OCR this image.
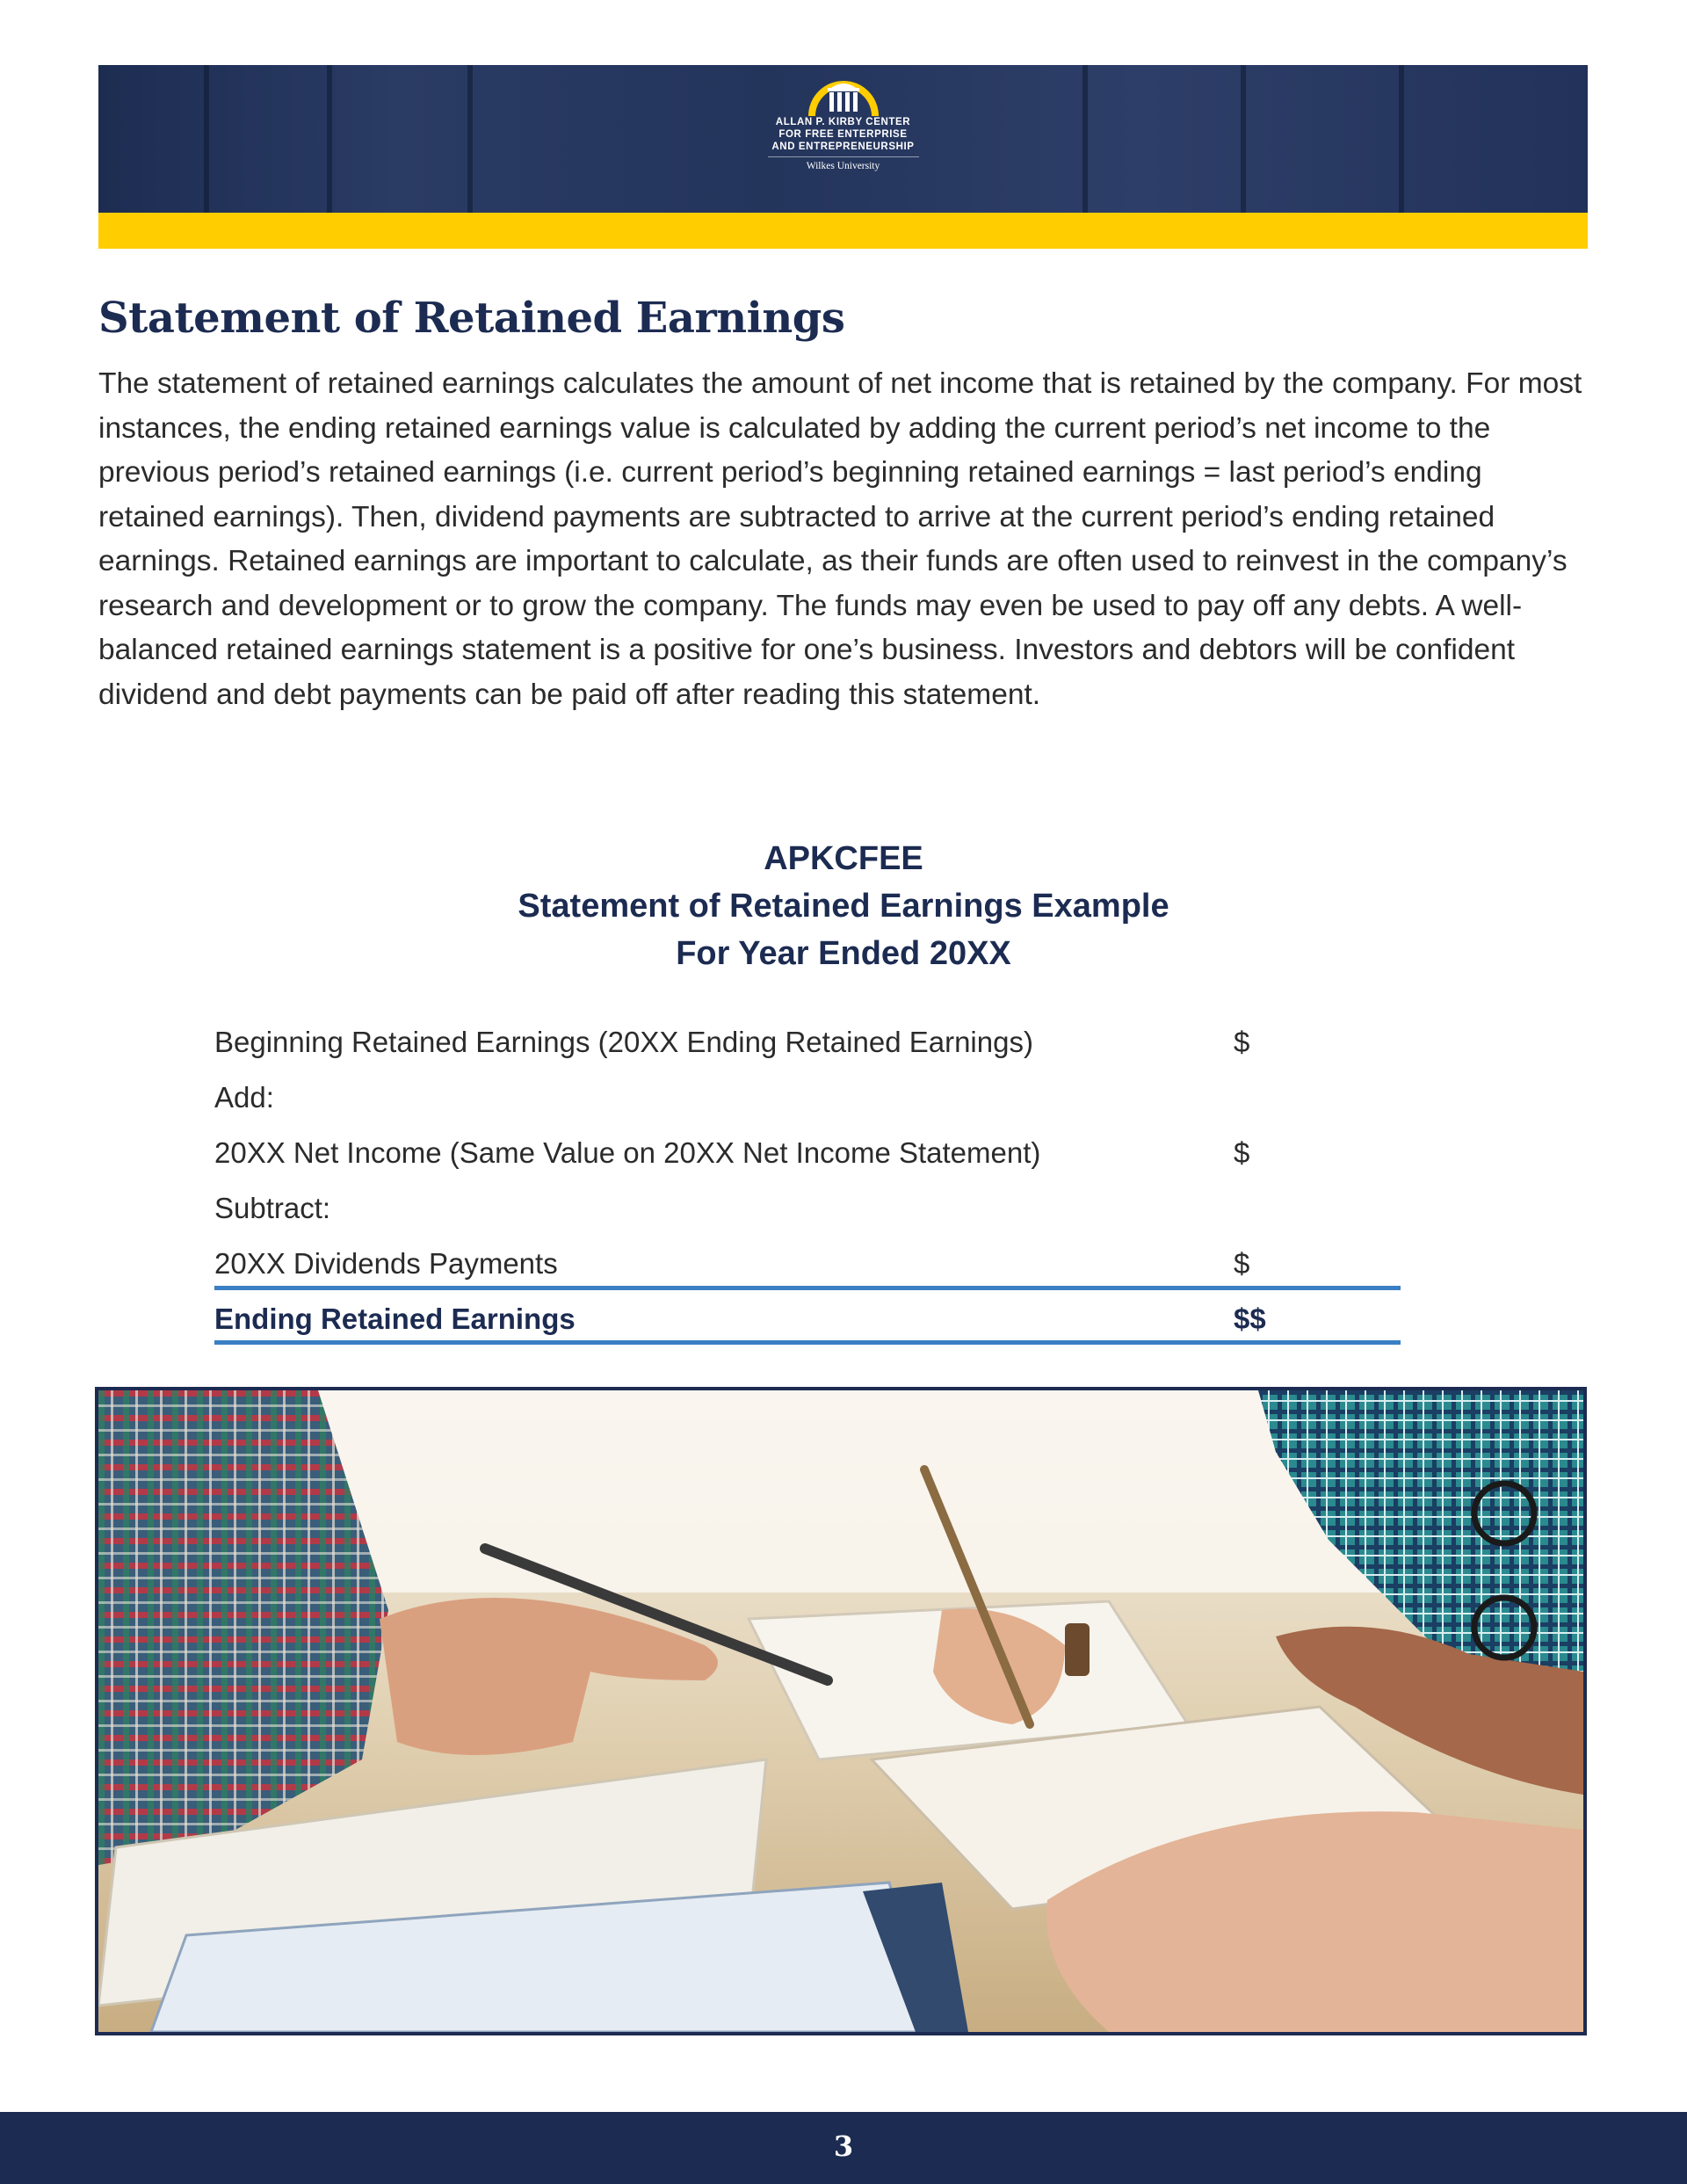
ALLAN P. KIRBY CENTER
FOR FREE ENTERPRISE
AND ENTREPRENEURSHIP
Wilkes University
Statement of Retained Earnings

The statement of retained earnings calculates the amount of net income that is retained by the company. For most instances, the ending retained earnings value is calculated by adding the current period’s net income to the previous period’s retained earnings (i.e. current period’s beginning retained earnings = last period’s ending retained earnings). Then, dividend payments are subtracted to arrive at the current period’s ending retained earnings. Retained earnings are important to calculate, as their funds are often used to reinvest in the company’s research and development or to grow the company. The funds may even be used to pay off any debts. A well-balanced retained earnings statement is a positive for one’s business. Investors and debtors will be confident dividend and debt payments can be paid off after reading this statement.

APKCFEE
Statement of Retained Earnings Example
For Year Ended 20XX
Beginning Retained Earnings (20XX Ending Retained Earnings)	$
Add:
20XX Net Income (Same Value on 20XX Net Income Statement)	$
Subtract:
20XX Dividends Payments	$
Ending Retained Earnings	$$
3
